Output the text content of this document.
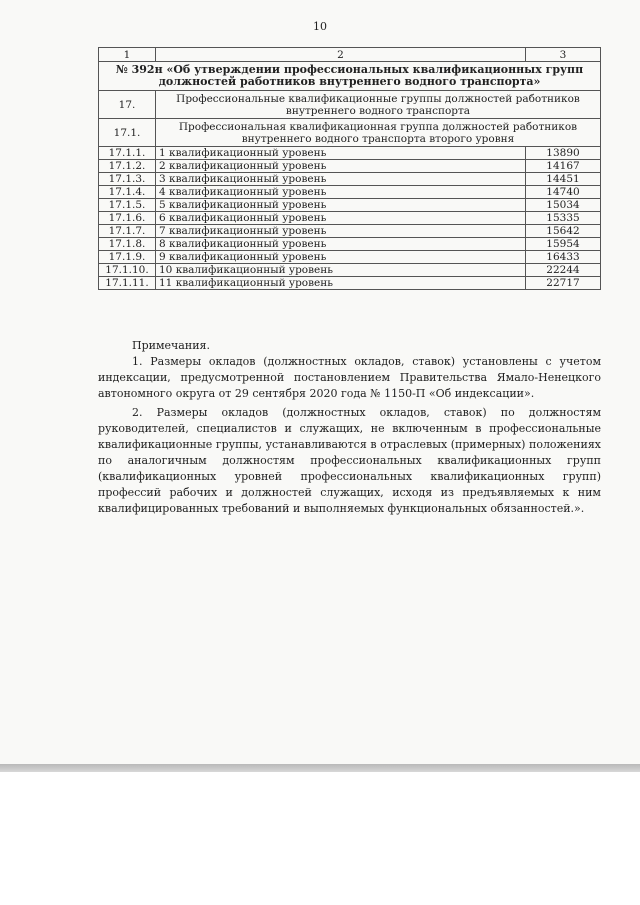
10
1	2	3
№ 392н «Об утверждении профессиональных квалификационных групп должностей работников внутреннего водного транспорта»		
17.	Профессиональные квалификационные группы должностей работников внутреннего водного транспорта	
17.1.	Профессиональная квалификационная группа должностей работников внутреннего водного транспорта второго уровня	
17.1.1.	1 квалификационный уровень	13890
17.1.2.	2 квалификационный уровень	14167
17.1.3.	3 квалификационный уровень	14451
17.1.4.	4 квалификационный уровень	14740
17.1.5.	5 квалификационный уровень	15034
17.1.6.	6 квалификационный уровень	15335
17.1.7.	7 квалификационный уровень	15642
17.1.8.	8 квалификационный уровень	15954
17.1.9.	9 квалификационный уровень	16433
17.1.10.	10 квалификационный уровень	22244
17.1.11.	11 квалификационный уровень	22717

Примечания.

1. Размеры окладов (должностных окладов, ставок) установлены с учетом индексации, предусмотренной постановлением Правительства Ямало-Ненецкого автономного округа от 29 сентября 2020 года № 1150-П «Об индексации».

2. Размеры окладов (должностных окладов, ставок) по должностям руководителей, специалистов и служащих, не включенным в профессиональные квалификационные группы, устанавливаются в отраслевых (примерных) положениях по аналогичным должностям профессиональных квалификационных групп (квалификационных уровней профессиональных квалификационных групп) профессий рабочих и должностей служащих, исходя из предъявляемых к ним квалифицированных требований и выполняемых функциональных обязанностей.».
